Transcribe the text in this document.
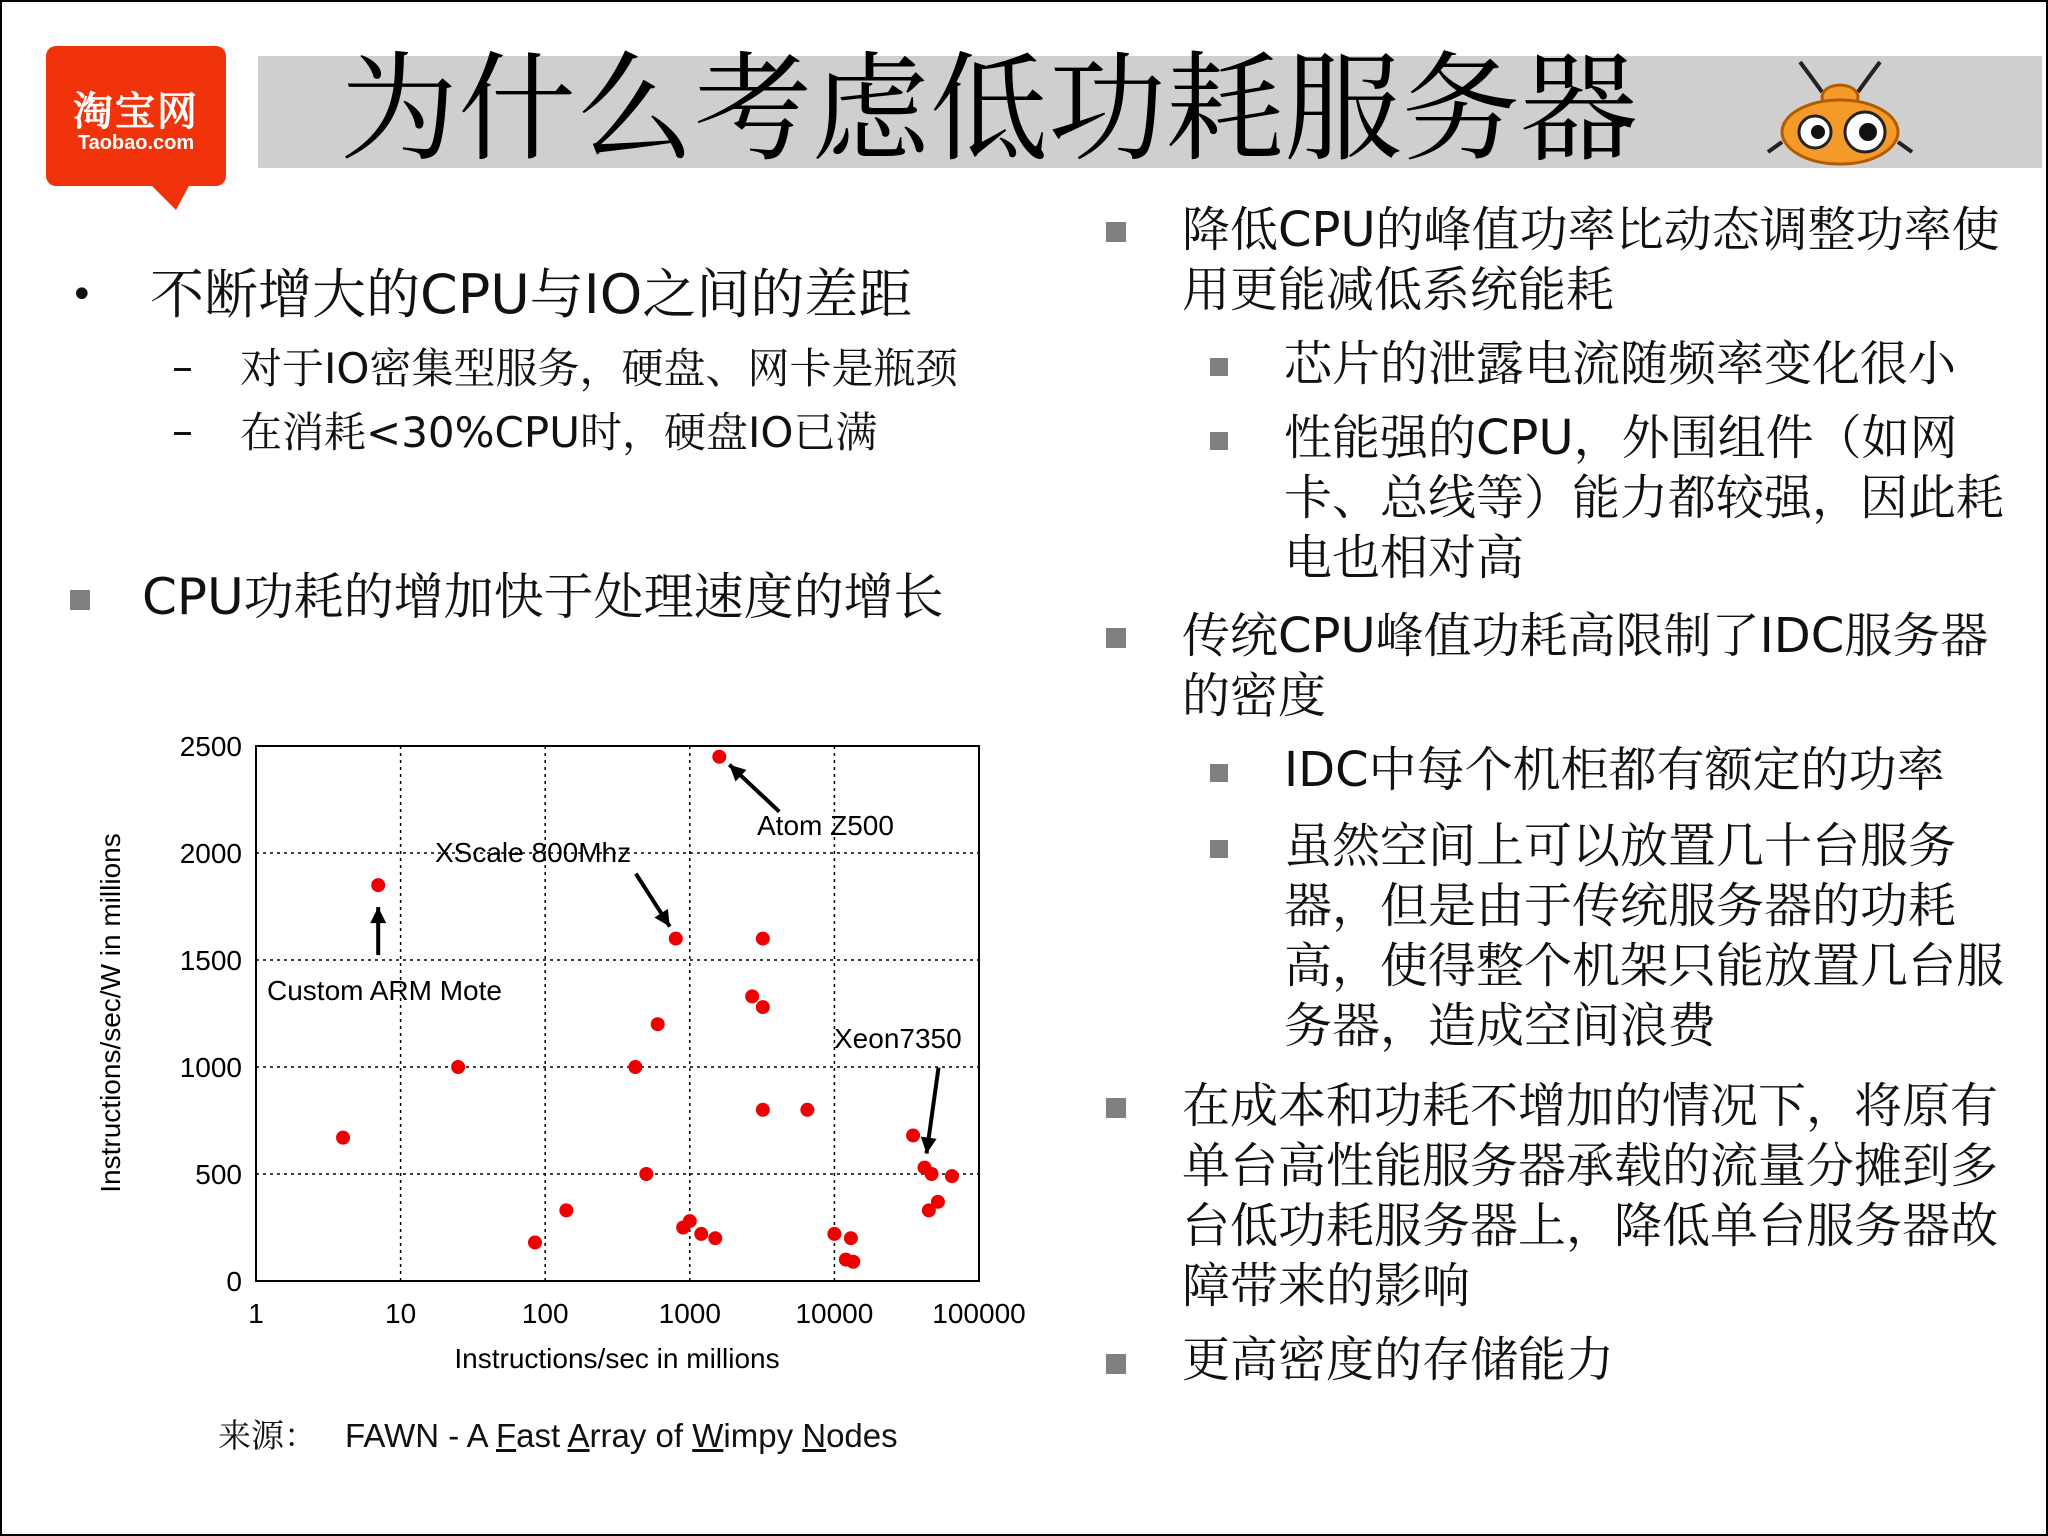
淘宝网
Taobao.com 为什么考虑低功耗服务器
• 不断增大的CPU与IO之间的差距
– 对于IO密集型服务，硬盘、网卡是瓶颈
– 在消耗<30%CPU时，硬盘IO已满
CPU功耗的增加快于处理速度的增长
1	10	100	1000	10000 100000
0
500
1000
1500
2000
2500
Atom Z500
XScale 800Mhz
Custom ARM Mote
Xeon7350
Instructions/sec in millions
Instructions/sec/W in millions
来源： FAWN - A Fast Array of Wimpy Nodes
降低CPU的峰值功率比动态调整功率使用更能减低系统能耗
芯片的泄露电流随频率变化很小
性能强的CPU，外围组件（如网卡、总线等）能力都较强，因此耗电也相对高
传统CPU峰值功耗高限制了IDC服务器的密度
IDC中每个机柜都有额定的功率
虽然空间上可以放置几十台服务器，但是由于传统服务器的功耗高，使得整个机架只能放置几台服务器，造成空间浪费
在成本和功耗不增加的情况下，将原有单台高性能服务器承载的流量分摊到多台低功耗服务器上，降低单台服务器故障带来的影响
更高密度的存储能力
